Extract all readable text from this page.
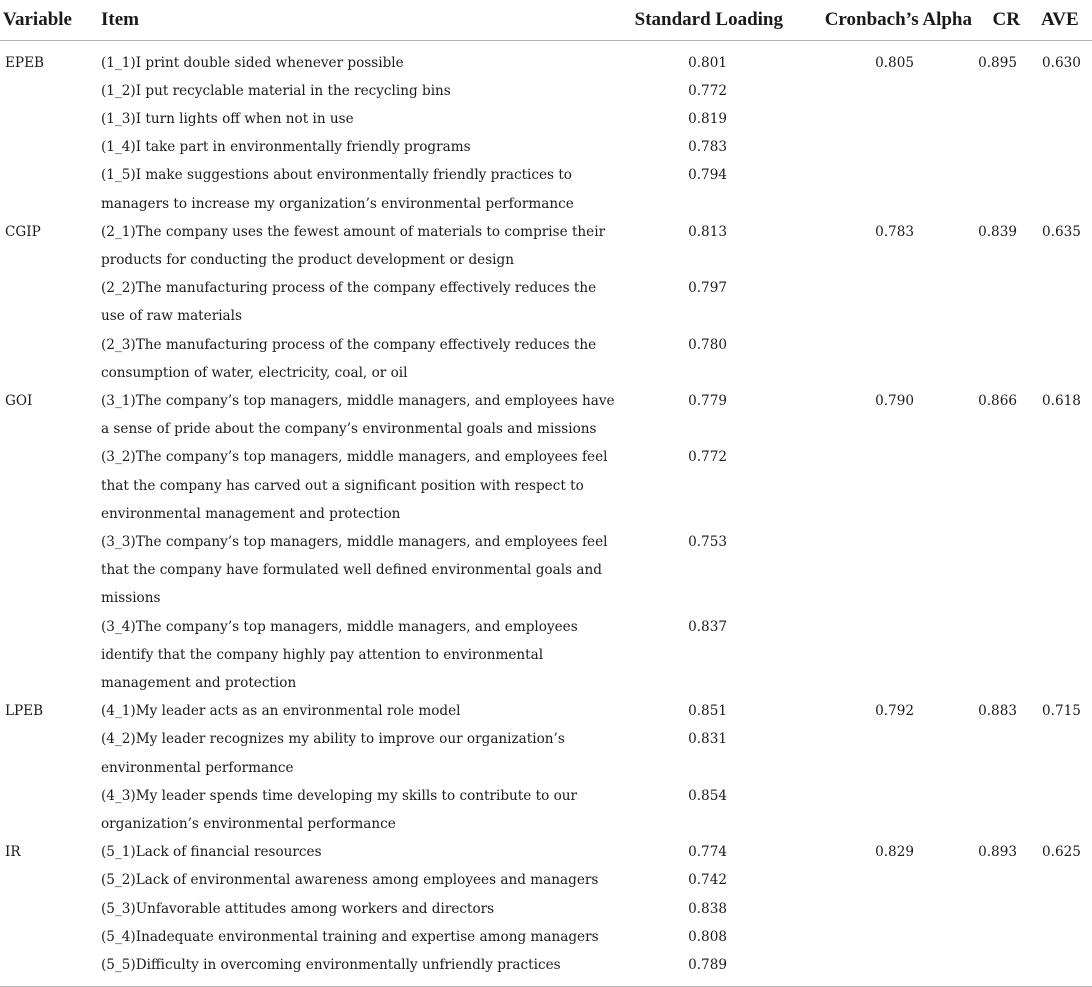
Variable	Item	Standard Loading	Cronbach’s Alpha	CR	AVE
EPEB	(1_1)I print double sided whenever possible	0.801	0.805	0.895	0.630
	(1_2)I put recyclable material in the recycling bins	0.772			
	(1_3)I turn lights off when not in use	0.819			
	(1_4)I take part in environmentally friendly programs	0.783			
	(1_5)I make suggestions about environmentally friendly practices to managers to increase my organization’s environmental performance	0.794			
CGIP	(2_1)The company uses the fewest amount of materials to comprise their products for conducting the product development or design	0.813	0.783	0.839	0.635
	(2_2)The manufacturing process of the company effectively reduces the use of raw materials	0.797			
	(2_3)The manufacturing process of the company effectively reduces the consumption of water, electricity, coal, or oil	0.780			
GOI	(3_1)The company’s top managers, middle managers, and employees have a sense of pride about the company’s environmental goals and missions	0.779	0.790	0.866	0.618
	(3_2)The company’s top managers, middle managers, and employees feel that the company has carved out a significant position with respect to environmental management and protection	0.772			
	(3_3)The company’s top managers, middle managers, and employees feel that the company have formulated well defined environmental goals and missions	0.753			
	(3_4)The company’s top managers, middle managers, and employees identify that the company highly pay attention to environmental management and protection	0.837			
LPEB	(4_1)My leader acts as an environmental role model	0.851	0.792	0.883	0.715
	(4_2)My leader recognizes my ability to improve our organization’s environmental performance	0.831			
	(4_3)My leader spends time developing my skills to contribute to our organization’s environmental performance	0.854			
IR	(5_1)Lack of financial resources	0.774	0.829	0.893	0.625
	(5_2)Lack of environmental awareness among employees and managers	0.742			
	(5_3)Unfavorable attitudes among workers and directors	0.838			
	(5_4)Inadequate environmental training and expertise among managers	0.808			
	(5_5)Difficulty in overcoming environmentally unfriendly practices	0.789			
